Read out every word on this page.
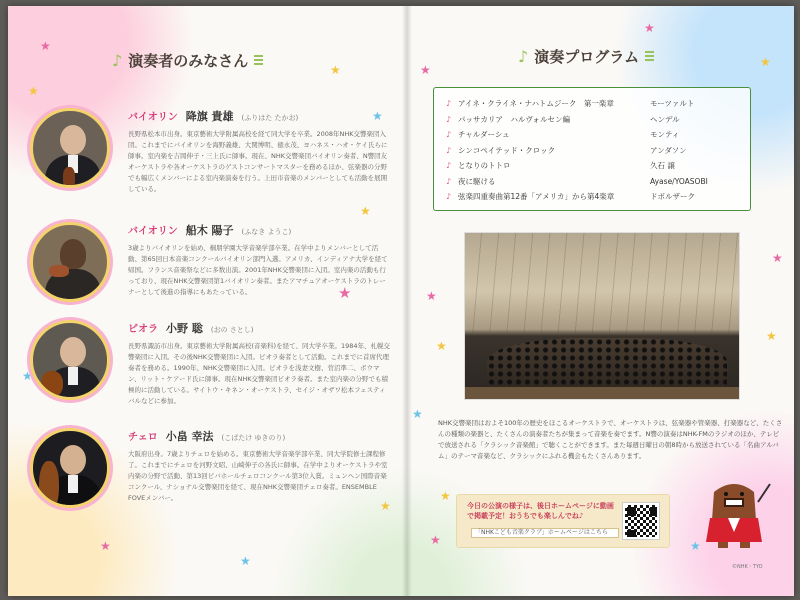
★
★
★
★
★
★
★
★
★
★
★
★
★
★
★
★
★
★
★
★	★
♪ 演奏者のみなさん
バイオリン 降旗 貴雄 (ふりはた たかお)
長野県松本市出身。東京藝術大学附属高校を経て同大学を卒業。2008年NHK交響楽団入団。これまでにバイオリンを海野義雄、大関博明、徳永茂、ヨハネス・ハオ・ケイ氏らに師事。室内楽を吉岡伸子・三上氏に師事。現在、NHK交響楽団バイオリン奏者、N響団友オーケストラや各オーケストラのゲストコンサートマスターを務めるほか、弦楽器の分野でも幅広くメンバーによる室内楽演奏を行う。上田市音楽のメンバーとしても活動を展開している。
バイオリン 船木 陽子 (ふなき ようこ)
3歳よりバイオリンを始め、桐朋学園大学音楽学部卒業。在学中よりメンバーとして活動、第65回日本音楽コンクールバイオリン部門入選。アメリカ、インディアナ大学を経て帰国。フランス音楽祭などに多数出演。2001年NHK交響楽団に入団。室内楽の活動も行っており、現在NHK交響楽団第1バイオリン奏者。またアマチュアオーケストラのトレーナーとして後進の指導にもあたっている。
ビオラ 小野 聡 (おの さとし)
長野県諏訪市出身。東京藝術大学附属高校(音楽科)を経て、同大学卒業。1984年、札幌交響楽団に入団。その後NHK交響楽団に入団。ビオラ奏者として活動。これまでに首席代理奏者を務める。1990年、NHK交響楽団に入団。ビオラを浅妻文樹、菅沼準二、ボウマン、リット・ケアード氏に師事。現在NHK交響楽団ビオラ奏者。また室内楽の分野でも積極的に活動している。サイトウ・キネン・オーケストラ、セイジ・オザワ松本フェスティバルなどに参加。
チェロ 小畠 幸法 (こばたけ ゆきのり)
大阪府出身。7歳よりチェロを始める。東京藝術大学音楽学部卒業、同大学院修士課程修了。これまでにチェロを河野文昭、山崎伸子の各氏に師事。在学中よりオーケストラや室内楽の分野で活動、第13回ビバホールチェロコンクール第3位入賞。ミュンヘン国際音楽コンクール、ナショナル交響楽団を経て、現在NHK交響楽団チェロ奏者。ENSEMBLE FOVEメンバー。
♪ 演奏プログラム
♪ アイネ・クライネ・ナハトムジーク　第一楽章	モーツァルト
♪ パッサカリア　ハルヴォルセン編	ヘンデル
♪ チャルダーシュ	モンティ
♪ シンコペイテッド・クロック	アンダソン
♪ となりのトトロ	久石 譲
♪ 夜に駆ける	Ayase/YOASOBI
♪ 弦楽四重奏曲第12番「アメリカ」から第4楽章	ドボルザーク
NHK交響楽団はおよそ100年の歴史をほこるオーケストラで、オーケストラは、弦楽器や管楽器、打楽器など、たくさんの種類の楽器と、たくさんの演奏者たちが集まって音楽を奏でます。N響の演奏はNHK-FMのラジオのほか、テレビで放送される「クラシック音楽館」で聴くことができます。また毎週日曜日の朝8時から放送されている「名曲アルバム」のテーマ音楽など、クラシックにふれる機会もたくさんあります。
今日の公演の様子は、後日ホームページに動画で掲載予定！おうちでも楽しんでね♪
「NHKこども音楽クラブ」ホームページはこちら
©NHK・TYO
